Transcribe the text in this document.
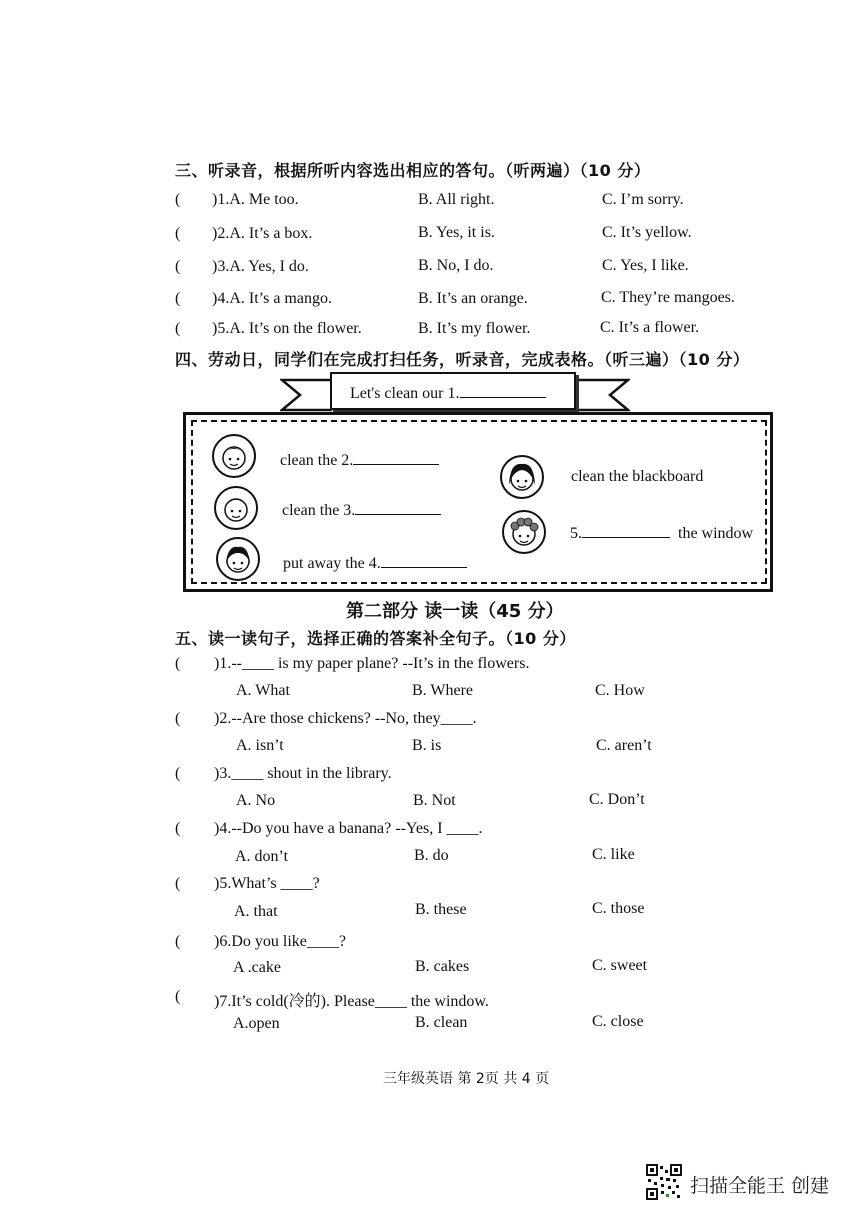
三、听录音，根据所听内容选出相应的答句。（听两遍）（10 分）
( )1.A. Me too.	B. All right.	C. I’m sorry.
( )2.A. It’s a box.	B. Yes, it is.	C. It’s yellow.
( )3.A. Yes, I do.	B. No, I do.	C. Yes, I like.
( )4.A. It’s a mango.	B. It’s an orange.	C. They’re mangoes.
( )5.A. It’s on the flower.	B. It’s my flower.	C. It’s a flower.
四、劳动日，同学们在完成打扫任务，听录音，完成表格。（听三遍）（10 分）
Let's clean our 1.
clean the 2.
clean the 3.
put away the 4.
clean the blackboard
5.	the window
第二部分 读一读（45 分）
五、读一读句子，选择正确的答案补全句子。（10 分）
( )1.--____ is my paper plane? --It’s in the flowers.
A. What	B. Where	C. How
( )2.--Are those chickens? --No, they____.
A. isn’t	B. is	C. aren’t
( )3.____ shout in the library.
A. No	B. Not	C. Don’t
( )4.--Do you have a banana? --Yes, I ____.
A. don’t	B. do	C. like
( )5.What’s ____?
A. that	B. these	C. those
( )6.Do you like____?
A .cake	B. cakes	C. sweet
( )7.It’s cold(冷的). Please____ the window.
A.open	B. clean	C. close
三年级英语 第 2页 共 4 页
扫描全能王 创建
